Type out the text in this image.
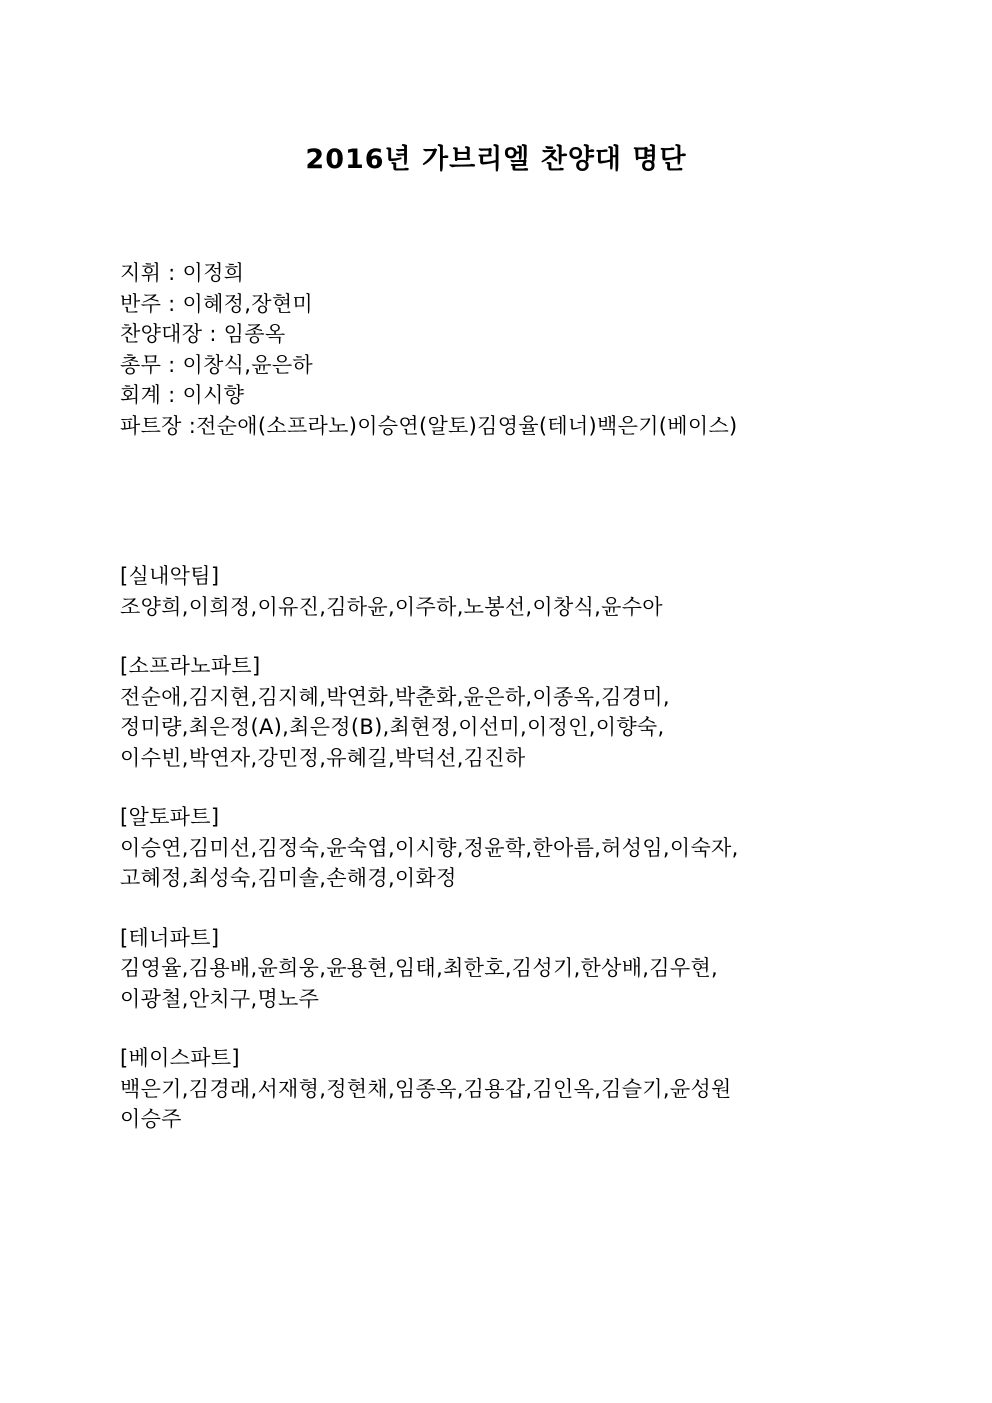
2016년 가브리엘 찬양대 명단
지휘 : 이정희
반주 : 이혜정,장현미
찬양대장 : 임종옥
총무 : 이창식,윤은하
회계 : 이시향
파트장 :전순애(소프라노)이승연(알토)김영율(테너)백은기(베이스)
[실내악팀]
조양희,이희정,이유진,김하윤,이주하,노봉선,이창식,윤수아
[소프라노파트]
전순애,김지현,김지혜,박연화,박춘화,윤은하,이종옥,김경미,
정미량,최은정(A),최은정(B),최현정,이선미,이정인,이향숙,
이수빈,박연자,강민정,유혜길,박덕선,김진하
[알토파트]
이승연,김미선,김정숙,윤숙엽,이시향,정윤학,한아름,허성임,이숙자,
고혜정,최성숙,김미솔,손해경,이화정
[테너파트]
김영율,김용배,윤희웅,윤용현,임태,최한호,김성기,한상배,김우현,
이광철,안치구,명노주
[베이스파트]
백은기,김경래,서재형,정현채,임종옥,김용갑,김인옥,김슬기,윤성원
이승주
